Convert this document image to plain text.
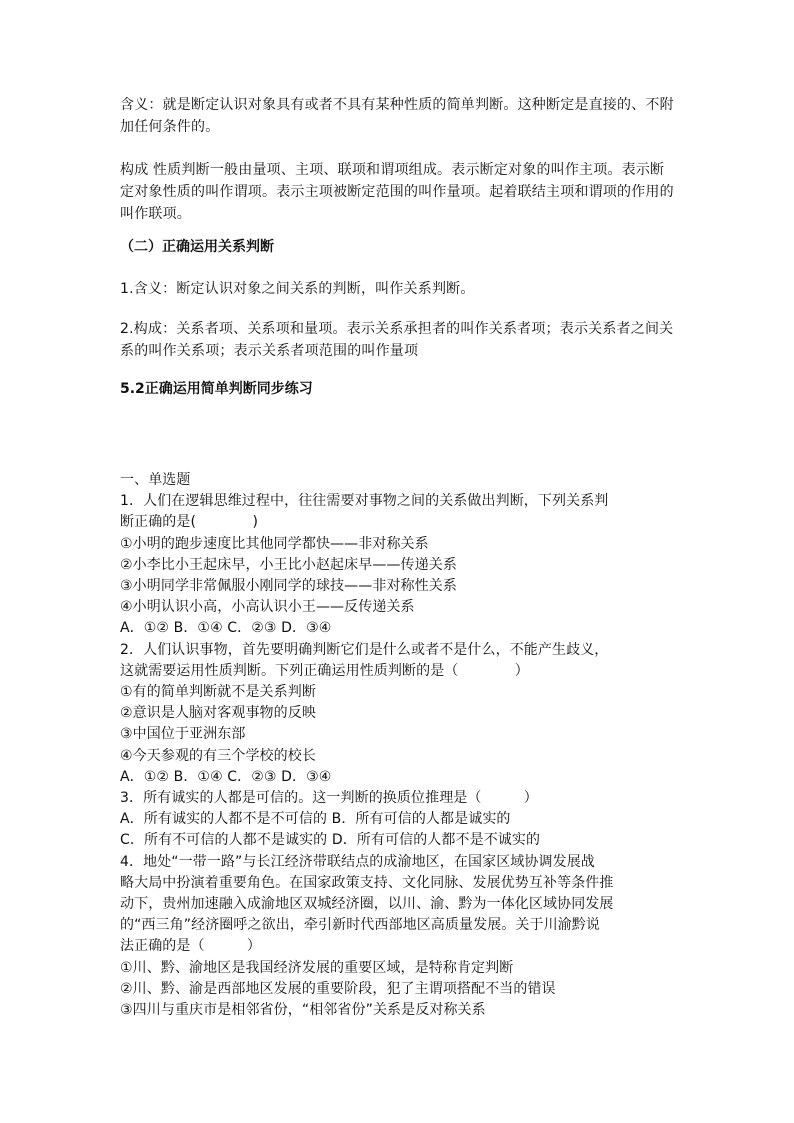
含义：就是断定认识对象具有或者不具有某种性质的简单判断。这种断定是直接的、不附加任何条件的。

构成 性质判断一般由量项、主项、联项和谓项组成。表示断定对象的叫作主项。表示断定对象性质的叫作谓项。表示主项被断定范围的叫作量项。起着联结主项和谓项的作用的叫作联项。

（二）正确运用关系判断

1.含义：断定认识对象之间关系的判断，叫作关系判断。

2.构成：关系者项、关系项和量项。表示关系承担者的叫作关系者项；表示关系者之间关系的叫作关系项；表示关系者项范围的叫作量项

5.2正确运用简单判断同步练习

一、单选题
1．人们在逻辑思维过程中，往往需要对事物之间的关系做出判断，下列关系判
断正确的是(　　　　)
①小明的跑步速度比其他同学都快——非对称关系
②小李比小王起床早，小王比小赵起床早——传递关系
③小明同学非常佩服小刚同学的球技——非对称性关系
④小明认识小高，小高认识小王——反传递关系
A．①② B．①④ C．②③ D．③④
2．人们认识事物，首先要明确判断它们是什么或者不是什么，不能产生歧义，
这就需要运用性质判断。下列正确运用性质判断的是（　　　　）
①有的简单判断就不是关系判断
②意识是人脑对客观事物的反映
③中国位于亚洲东部
④今天参观的有三个学校的校长
A．①② B．①④ C．②③ D．③④
3．所有诚实的人都是可信的。这一判断的换质位推理是（　　　）
A．所有诚实的人都不是不可信的 B．所有可信的人都是诚实的
C．所有不可信的人都不是诚实的 D．所有可信的人都不是不诚实的
4．地处“一带一路”与长江经济带联结点的成渝地区，在国家区域协调发展战
略大局中扮演着重要角色。在国家政策支持、文化同脉、发展优势互补等条件推
动下，贵州加速融入成渝地区双城经济圈，以川、渝、黔为一体化区域协同发展
的“西三角”经济圈呼之欲出，牵引新时代西部地区高质量发展。关于川渝黔说
法正确的是（　　　）
①川、黔、渝地区是我国经济发展的重要区域，是特称肯定判断
②川、黔、渝是西部地区发展的重要阶段，犯了主谓项搭配不当的错误
③四川与重庆市是相邻省份，“相邻省份”关系是反对称关系
